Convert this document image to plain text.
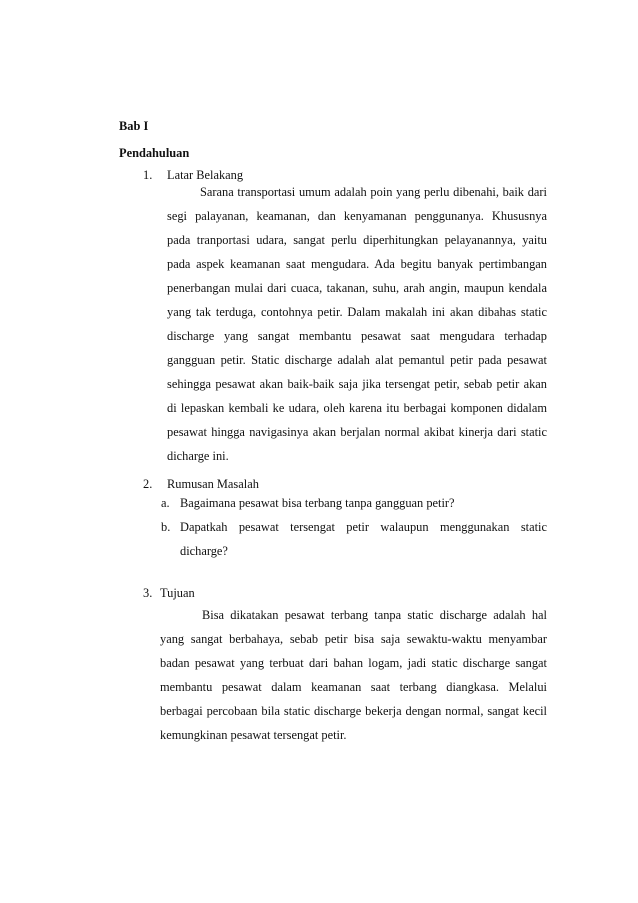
Bab I
Pendahuluan
1. Latar Belakang
Sarana transportasi umum adalah poin yang perlu dibenahi, baik dari
segi palayanan, keamanan, dan kenyamanan penggunanya. Khususnya
pada tranportasi udara, sangat perlu diperhitungkan pelayanannya, yaitu
pada aspek keamanan saat mengudara. Ada begitu banyak pertimbangan
penerbangan mulai dari cuaca, takanan, suhu, arah angin, maupun kendala
yang tak terduga, contohnya petir. Dalam makalah ini akan dibahas static
discharge yang sangat membantu pesawat saat mengudara terhadap
gangguan petir. Static discharge adalah alat pemantul petir pada pesawat
sehingga pesawat akan baik-baik saja jika tersengat petir, sebab petir akan
di lepaskan kembali ke udara, oleh karena itu berbagai komponen didalam
pesawat hingga navigasinya akan berjalan normal akibat kinerja dari static
dicharge ini.
2. Rumusan Masalah
a. Bagaimana pesawat bisa terbang tanpa gangguan petir?
b. Dapatkah pesawat tersengat petir walaupun menggunakan static
dicharge?
3. Tujuan
Bisa dikatakan pesawat terbang tanpa static discharge adalah hal
yang sangat berbahaya, sebab petir bisa saja sewaktu-waktu menyambar
badan pesawat yang terbuat dari bahan logam, jadi static discharge sangat
membantu pesawat dalam keamanan saat terbang diangkasa. Melalui
berbagai percobaan bila static discharge bekerja dengan normal, sangat kecil
kemungkinan pesawat tersengat petir.
